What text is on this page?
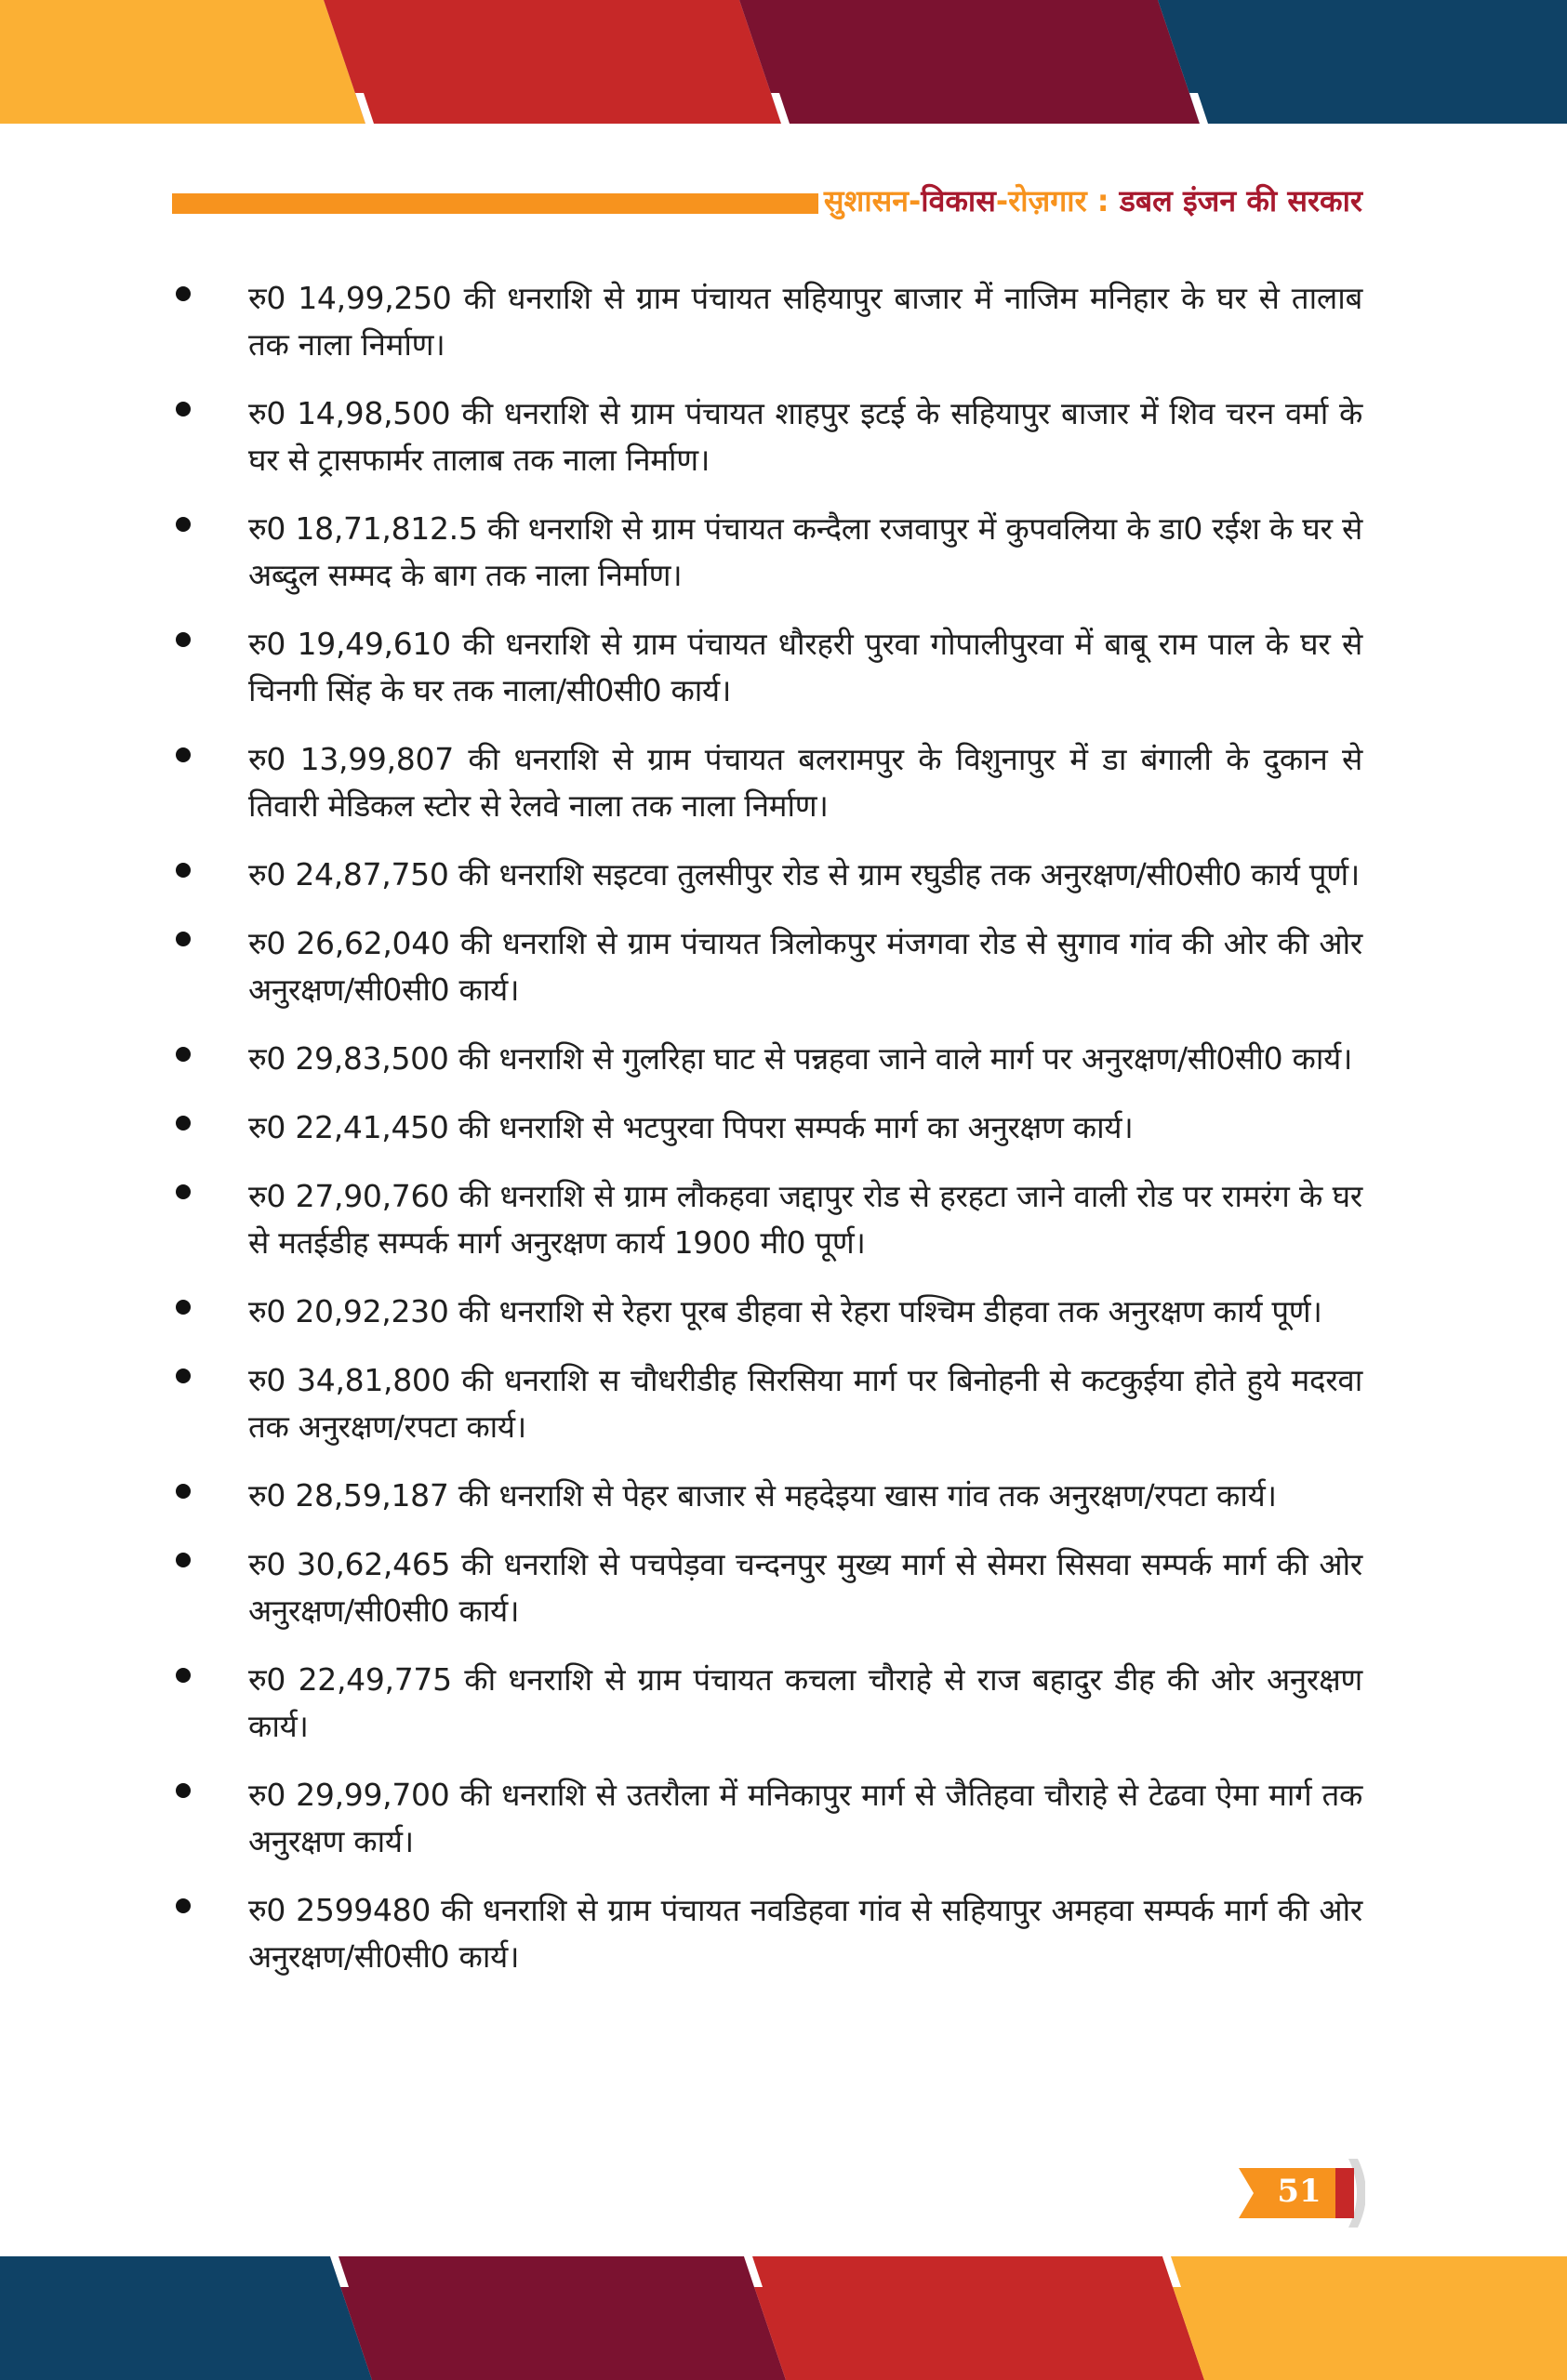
सुशासन-विकास-रोज़गार : डबल इंजन की सरकार
रु0 14,99,250 की धनराशि से ग्राम पंचायत सहियापुर बाजार में नाजिम मनिहार के घर से तालाब तक नाला निर्माण।
रु0 14,98,500 की धनराशि से ग्राम पंचायत शाहपुर इटई के सहियापुर बाजार में शिव चरन वर्मा के घर से ट्रासफार्मर तालाब तक नाला निर्माण।
रु0 18,71,812.5 की धनराशि से ग्राम पंचायत कन्दैला रजवापुर में कुपवलिया के डा0 रईश के घर से अब्दुल सम्मद के बाग तक नाला निर्माण।
रु0 19,49,610 की धनराशि से ग्राम पंचायत धौरहरी पुरवा गोपालीपुरवा में बाबू राम पाल के घर से चिनगी सिंह के घर तक नाला/सी0सी0 कार्य।
रु0 13,99,807 की धनराशि से ग्राम पंचायत बलरामपुर के विशुनापुर में डा बंगाली के दुकान से तिवारी मेडिकल स्टोर से रेलवे नाला तक नाला निर्माण।
रु0 24,87,750 की धनराशि सइटवा तुलसीपुर रोड से ग्राम रघुडीह तक अनुरक्षण/सी0सी0 कार्य पूर्ण।
रु0 26,62,040 की धनराशि से ग्राम पंचायत त्रिलोकपुर मंजगवा रोड से सुगाव गांव की ओर की ओर अनुरक्षण/सी0सी0 कार्य।
रु0 29,83,500 की धनराशि से गुलरिहा घाट से पन्नहवा जाने वाले मार्ग पर अनुरक्षण/सी0सी0 कार्य।
रु0 22,41,450 की धनराशि से भटपुरवा पिपरा सम्पर्क मार्ग का अनुरक्षण कार्य।
रु0 27,90,760 की धनराशि से ग्राम लौकहवा जद्दापुर रोड से हरहटा जाने वाली रोड पर रामरंग के घर से मतईडीह सम्पर्क मार्ग अनुरक्षण कार्य 1900 मी0 पूर्ण।
रु0 20,92,230 की धनराशि से रेहरा पूरब डीहवा से रेहरा पश्चिम डीहवा तक अनुरक्षण कार्य पूर्ण।
रु0 34,81,800 की धनराशि स चौधरीडीह सिरसिया मार्ग पर बिनोहनी से कटकुईया होते हुये मदरवा तक अनुरक्षण/रपटा कार्य।
रु0 28,59,187 की धनराशि से पेहर बाजार से महदेइया खास गांव तक अनुरक्षण/रपटा कार्य।
रु0 30,62,465 की धनराशि से पचपेड़वा चन्दनपुर मुख्य मार्ग से सेमरा सिसवा सम्पर्क मार्ग की ओर अनुरक्षण/सी0सी0 कार्य।
रु0 22,49,775 की धनराशि से ग्राम पंचायत कचला चौराहे से राज बहादुर डीह की ओर अनुरक्षण कार्य।
रु0 29,99,700 की धनराशि से उतरौला में मनिकापुर मार्ग से जैतिहवा चौराहे से टेढवा ऐमा मार्ग तक अनुरक्षण कार्य।
रु0 2599480 की धनराशि से ग्राम पंचायत नवडिहवा गांव से सहियापुर अमहवा सम्पर्क मार्ग की ओर अनुरक्षण/सी0सी0 कार्य।
51
